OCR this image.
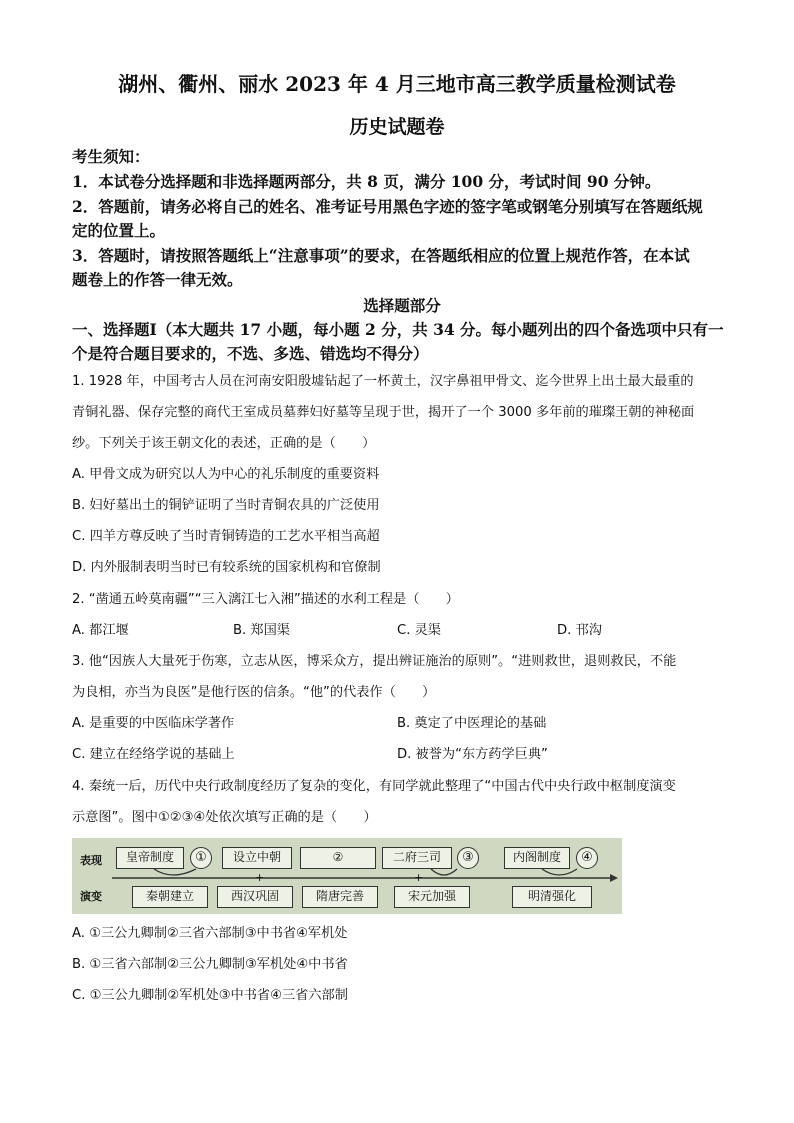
湖州、衢州、丽水 2023 年 4 月三地市高三教学质量检测试卷
历史试题卷
考生须知：
1．本试卷分选择题和非选择题两部分，共 8 页，满分 100 分，考试时间 90 分钟。
2．答题前，请务必将自己的姓名、准考证号用黑色字迹的签字笔或钢笔分别填写在答题纸规
定的位置上。
3．答题时，请按照答题纸上“注意事项”的要求，在答题纸相应的位置上规范作答，在本试
题卷上的作答一律无效。
选择题部分
一、选择题Ⅰ（本大题共 17 小题，每小题 2 分，共 34 分。每小题列出的四个备选项中只有一
个是符合题目要求的，不选、多选、错选均不得分）
1. 1928 年，中国考古人员在河南安阳殷墟钻起了一杯黄土，汉字鼻祖甲骨文、迄今世界上出土最大最重的
青铜礼器、保存完整的商代王室成员墓葬妇好墓等呈现于世，揭开了一个 3000 多年前的璀璨王朝的神秘面
纱。下列关于该王朝文化的表述，正确的是（　　）
A. 甲骨文成为研究以人为中心的礼乐制度的重要资料
B. 妇好墓出土的铜铲证明了当时青铜农具的广泛使用
C. 四羊方尊反映了当时青铜铸造的工艺水平相当高超
D. 内外服制表明当时已有较系统的国家机构和官僚制
2. “凿通五岭莫南疆”“三入漓江七入湘”描述的水利工程是（　　）
A. 都江堰	B. 郑国渠	C. 灵渠	D. 邗沟
3. 他“因族人大量死于伤寒，立志从医，博采众方，提出辨证施治的原则”。“进则救世，退则救民，不能
为良相，亦当为良医”是他行医的信条。“他”的代表作（　　）
A. 是重要的中医临床学著作	B. 奠定了中医理论的基础
C. 建立在经络学说的基础上	D. 被誉为“东方药学巨典”
4. 秦统一后，历代中央行政制度经历了复杂的变化，有同学就此整理了“中国古代中央行政中枢制度演变
示意图”。图中①②③④处依次填写正确的是（　　）
表现
演变
皇帝制度	①	设立中朝	②	二府三司	③	内阁制度	④
+	+
秦朝建立	西汉巩固	隋唐完善	宋元加强	明清强化
A. ①三公九卿制②三省六部制③中书省④军机处
B. ①三省六部制②三公九卿制③军机处④中书省
C. ①三公九卿制②军机处③中书省④三省六部制
